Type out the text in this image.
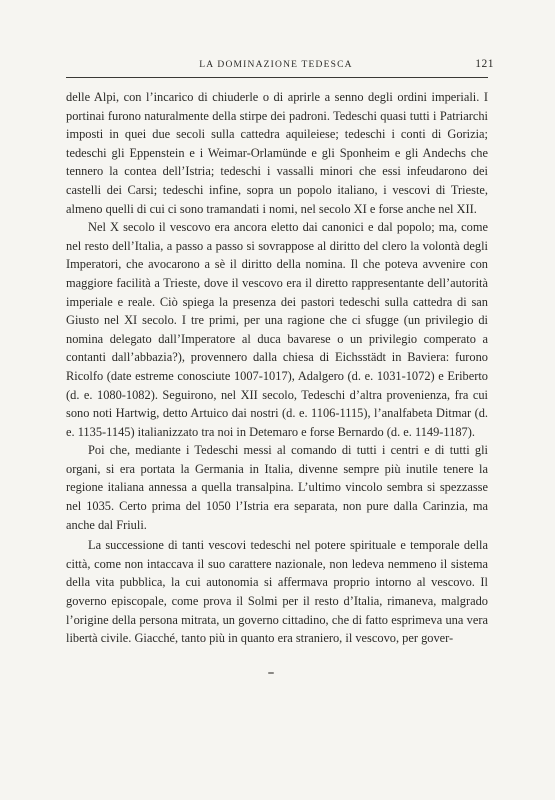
LA DOMINAZIONE TEDESCA	121

delle Alpi, con l’incarico di chiuderle o di aprirle a senno degli ordini imperiali. I portinai furono naturalmente della stirpe dei padroni. Tedeschi quasi tutti i Patriarchi imposti in quei due secoli sulla cattedra aquileiese; tedeschi i conti di Gorizia; tedeschi gli Eppenstein e i Weimar-Orlamünde e gli Sponheim e gli Andechs che tennero la contea dell’Istria; tedeschi i vassalli minori che essi infeudarono dei castelli dei Carsi; tedeschi infine, sopra un popolo italiano, i vescovi di Trieste, almeno quelli di cui ci sono tramandati i nomi, nel secolo XI e forse anche nel XII.

Nel X secolo il vescovo era ancora eletto dai canonici e dal popolo; ma, come nel resto dell’Italia, a passo a passo si sovrappose al diritto del clero la volontà degli Imperatori, che avocarono a sè il diritto della nomina. Il che poteva avvenire con maggiore facilità a Trieste, dove il vescovo era il diretto rappresentante dell’autorità imperiale e reale. Ciò spiega la presenza dei pastori tedeschi sulla cattedra di san Giusto nel XI secolo. I tre primi, per una ragione che ci sfugge (un privilegio di nomina delegato dall’Imperatore al duca bavarese o un privilegio comperato a contanti dall’abbazia?), provennero dalla chiesa di Eichsstädt in Baviera: furono Ricolfo (date estreme conosciute 1007-1017), Adalgero (d. e. 1031-1072) e Eriberto (d. e. 1080-1082). Seguirono, nel XII secolo, Tedeschi d’altra provenienza, fra cui sono noti Hartwig, detto Artuico dai nostri (d. e. 1106-1115), l’analfabeta Ditmar (d. e. 1135-1145) italianizzato tra noi in Detemaro e forse Bernardo (d. e. 1149-1187).

Poi che, mediante i Tedeschi messi al comando di tutti i centri e di tutti gli organi, si era portata la Germania in Italia, divenne sempre più inutile tenere la regione italiana annessa a quella transalpina. L’ultimo vincolo sembra si spezzasse nel 1035. Certo prima del 1050 l’Istria era separata, non pure dalla Carinzia, ma anche dal Friuli.

La successione di tanti vescovi tedeschi nel potere spirituale e temporale della città, come non intaccava il suo carattere nazionale, non ledeva nemmeno il sistema della vita pubblica, la cui autonomia si affermava proprio intorno al vescovo. Il governo episcopale, come prova il Solmi per il resto d’Italia, rimaneva, malgrado l’origine della persona mitrata, un governo cittadino, che di fatto esprimeva una vera libertà civile. Giacché, tanto più in quanto era straniero, il vescovo, per gover-
